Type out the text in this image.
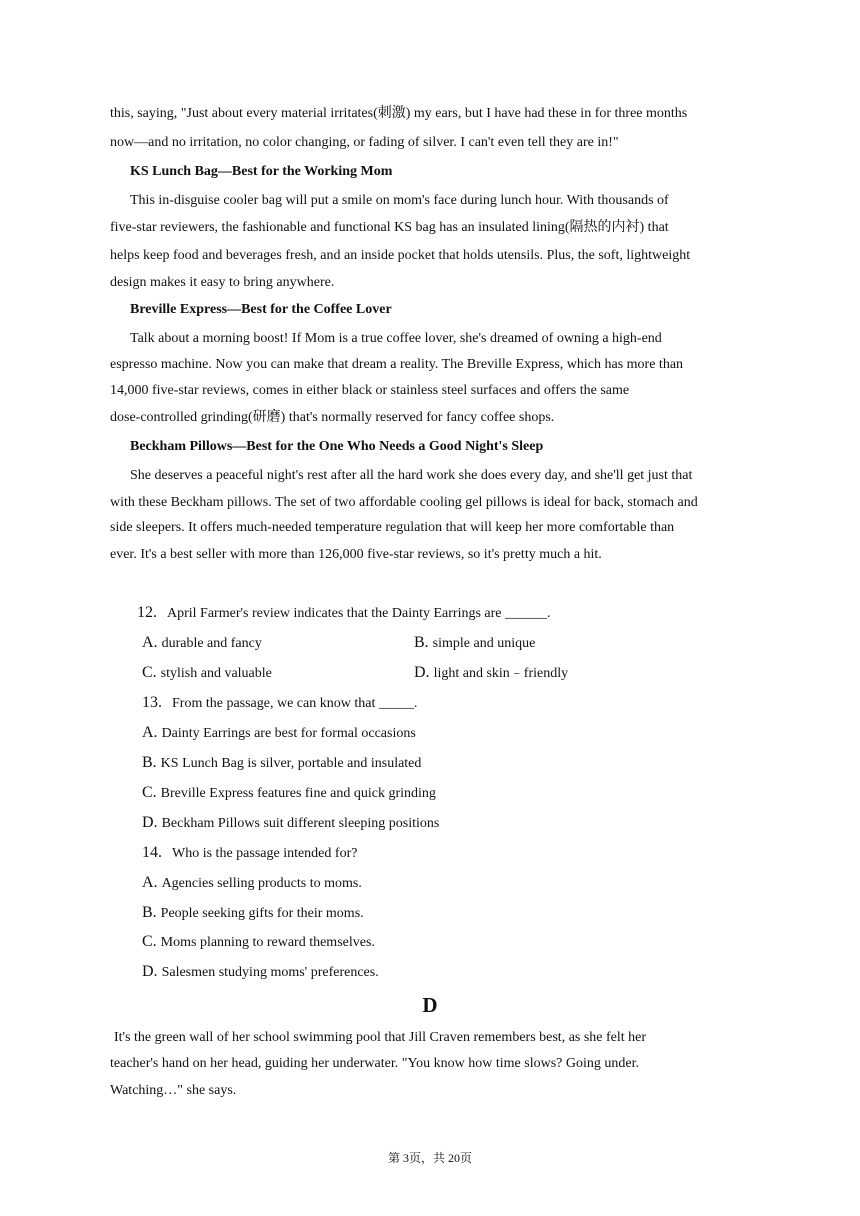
this, saying, "Just about every material irritates(刺激) my ears, but I have had these in for three months
now—and no irritation, no color changing, or fading of silver. I can't even tell they are in!"
KS Lunch Bag—Best for the Working Mom
This in-disguise cooler bag will put a smile on mom's face during lunch hour. With thousands of
five-star reviewers, the fashionable and functional KS bag has an insulated lining(隔热的内衬) that
helps keep food and beverages fresh, and an inside pocket that holds utensils. Plus, the soft, lightweight
design makes it easy to bring anywhere.
Breville Express—Best for the Coffee Lover
Talk about a morning boost! If Mom is a true coffee lover, she's dreamed of owning a high-end
espresso machine. Now you can make that dream a reality. The Breville Express, which has more than
14,000 five-star reviews, comes in either black or stainless steel surfaces and offers the same
dose-controlled grinding(研磨) that's normally reserved for fancy coffee shops.
Beckham Pillows—Best for the One Who Needs a Good Night's Sleep
She deserves a peaceful night's rest after all the hard work she does every day, and she'll get just that
with these Beckham pillows. The set of two affordable cooling gel pillows is ideal for back, stomach and
side sleepers. It offers much-needed temperature regulation that will keep her more comfortable than
ever. It's a best seller with more than 126,000 five-star reviews, so it's pretty much a hit.
12. April Farmer's review indicates that the Dainty Earrings are ______.
A. durable and fancy	B. simple and unique
C. stylish and valuable	D. light and skin﹣friendly
13. From the passage, we can know that _____.
A. Dainty Earrings are best for formal occasions
B. KS Lunch Bag is silver, portable and insulated
C. Breville Express features fine and quick grinding
D. Beckham Pillows suit different sleeping positions
14. Who is the passage intended for?
A. Agencies selling products to moms.
B. People seeking gifts for their moms.
C. Moms planning to reward themselves.
D. Salesmen studying moms' preferences.
D
It's the green wall of her school swimming pool that Jill Craven remembers best, as she felt her
teacher's hand on her head, guiding her underwater. "You know how time slows? Going under.
Watching…" she says.
第 3页，共 20页
